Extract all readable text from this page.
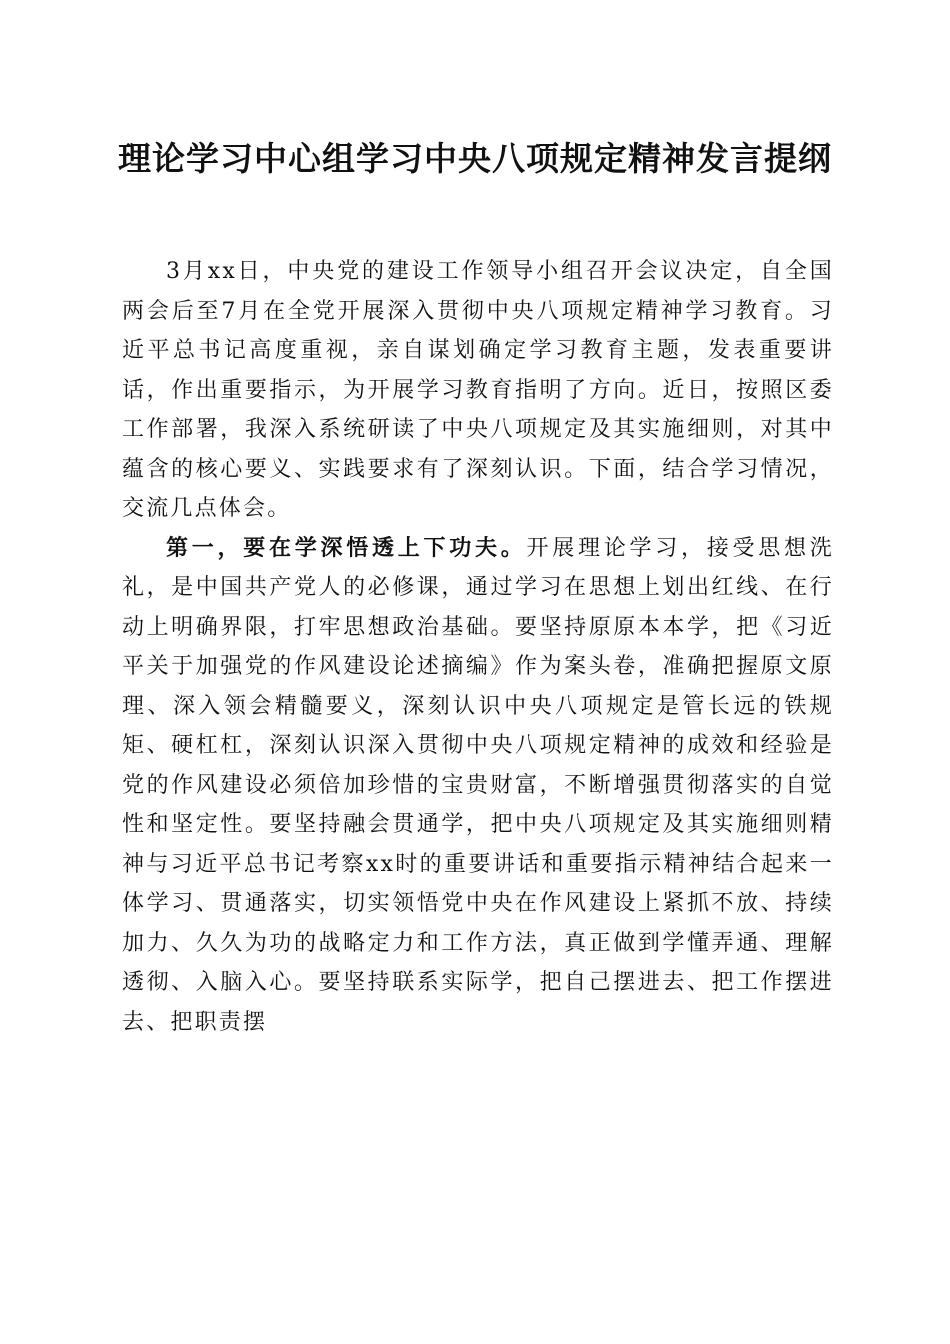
理论学习中心组学习中央八项规定精神发言提纲

3月xx日，中央党的建设工作领导小组召开会议决定，自全国两会后至7月在全党开展深入贯彻中央八项规定精神学习教育。习近平总书记高度重视，亲自谋划确定学习教育主题，发表重要讲话，作出重要指示，为开展学习教育指明了方向。近日，按照区委工作部署，我深入系统研读了中央八项规定及其实施细则，对其中蕴含的核心要义、实践要求有了深刻认识。下面，结合学习情况，交流几点体会。

第一，要在学深悟透上下功夫。开展理论学习，接受思想洗礼，是中国共产党人的必修课，通过学习在思想上划出红线、在行动上明确界限，打牢思想政治基础。要坚持原原本本学，把《习近平关于加强党的作风建设论述摘编》作为案头卷，准确把握原文原理、深入领会精髓要义，深刻认识中央八项规定是管长远的铁规矩、硬杠杠，深刻认识深入贯彻中央八项规定精神的成效和经验是党的作风建设必须倍加珍惜的宝贵财富，不断增强贯彻落实的自觉性和坚定性。要坚持融会贯通学，把中央八项规定及其实施细则精神与习近平总书记考察xx时的重要讲话和重要指示精神结合起来一体学习、贯通落实，切实领悟党中央在作风建设上紧抓不放、持续加力、久久为功的战略定力和工作方法，真正做到学懂弄通、理解透彻、入脑入心。要坚持联系实际学，把自己摆进去、把工作摆进去、把职责摆
